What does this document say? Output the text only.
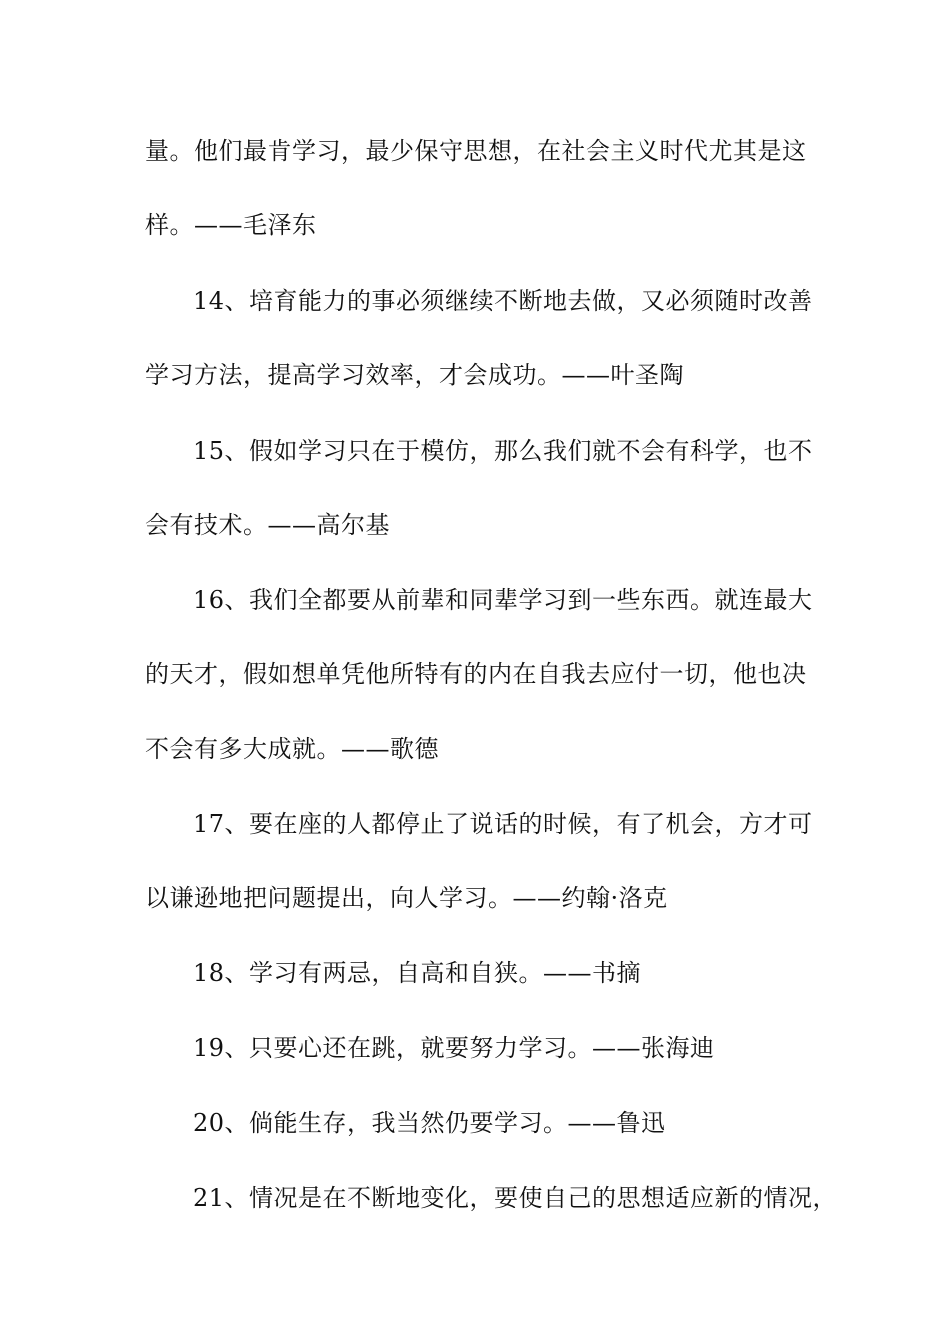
量。他们最肯学习，最少保守思想，在社会主义时代尤其是这
样。——毛泽东
14、培育能力的事必须继续不断地去做，又必须随时改善
学习方法，提高学习效率，才会成功。——叶圣陶
15、假如学习只在于模仿，那么我们就不会有科学，也不
会有技术。——高尔基
16、我们全都要从前辈和同辈学习到一些东西。就连最大
的天才，假如想单凭他所特有的内在自我去应付一切，他也决
不会有多大成就。——歌德
17、要在座的人都停止了说话的时候，有了机会，方才可
以谦逊地把问题提出，向人学习。——约翰·洛克
18、学习有两忌，自高和自狭。——书摘
19、只要心还在跳，就要努力学习。——张海迪
20、倘能生存，我当然仍要学习。——鲁迅
21、情况是在不断地变化，要使自己的思想适应新的情况，
